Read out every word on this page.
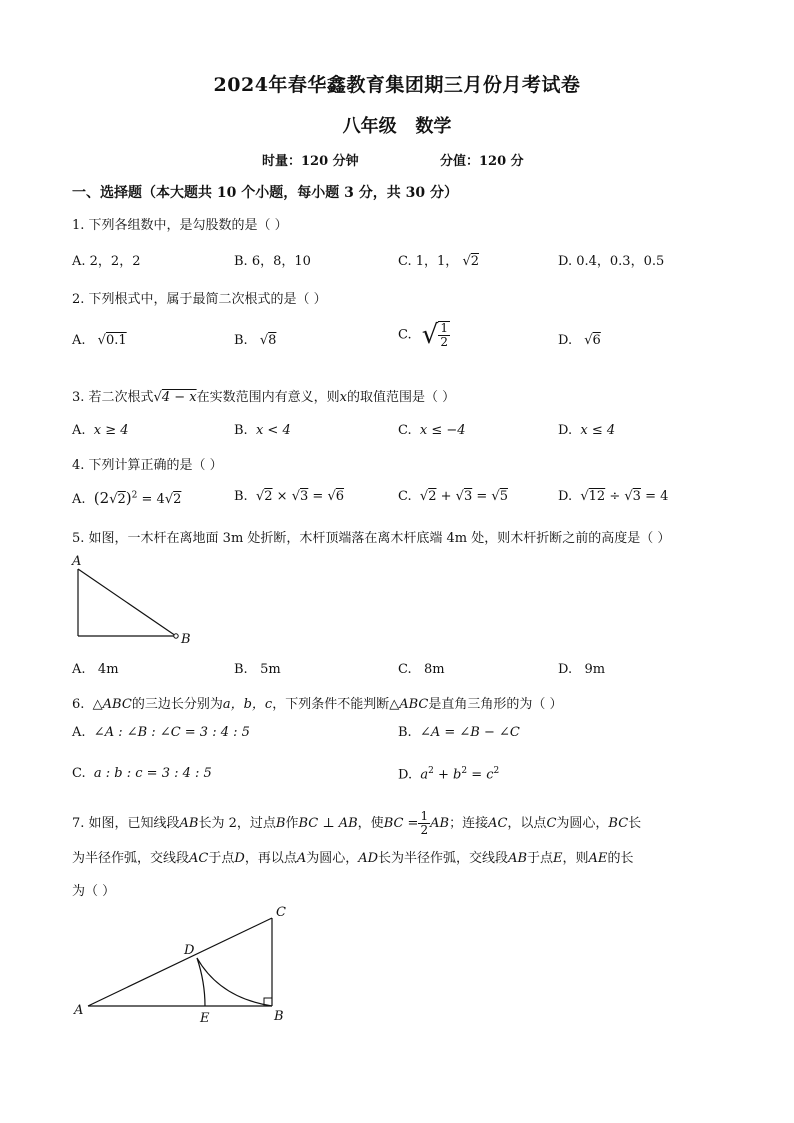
2024年春华鑫教育集团期三月份月考试卷
八年级   数学
时量：120 分钟	分值：120 分
一、选择题（本大题共 10 个小题，每小题 3 分，共 30 分）
1. 下列各组数中，是勾股数的是（ ）
A. 2，2，2	B. 6，8，10	C. 1，1， √2	D. 0.4，0.3，0.5
2. 下列根式中，属于最简二次根式的是（ ）
A. √0.1	B. √8	C. √ $\frac{1}{2}$	D. √6
3. 若二次根式√4 − x在实数范围内有意义，则x的取值范围是（ ）
A. x ≥ 4	B. x < 4	C. x ≤ −4	D. x ≤ 4
4. 下列计算正确的是（ ）
A. $(2√2)^2 = 4√2$	B. √2 × √3 = √6	C. √2 + √3 = √5	D. √12 ÷ √3 = 4
5. 如图，一木杆在离地面 3m 处折断，木杆顶端落在离木杆底端 4m 处，则木杆折断之前的高度是（ ）
A
B
A.   4m	B.   5m	C.   8m	D.   9m
6. △ABC的三边长分别为a，b，c，下列条件不能判断△ABC是直角三角形的为（ ）
A. ∠A : ∠B : ∠C = 3 : 4 : 5	B. ∠A = ∠B − ∠C
C. a : b : c = 3 : 4 : 5	D. $a^2 + b^2 = c^2$
7. 如图，已知线段AB长为 2，过点B作BC ⊥ AB，使BC = $\frac{1}{2}$ AB；连接AC，以点C为圆心，BC长
为半径作弧，交线段AC于点D，再以点A为圆心，AD长为半径作弧，交线段AB于点E，则AE的长
为（ ）
A	B
C
D
E
